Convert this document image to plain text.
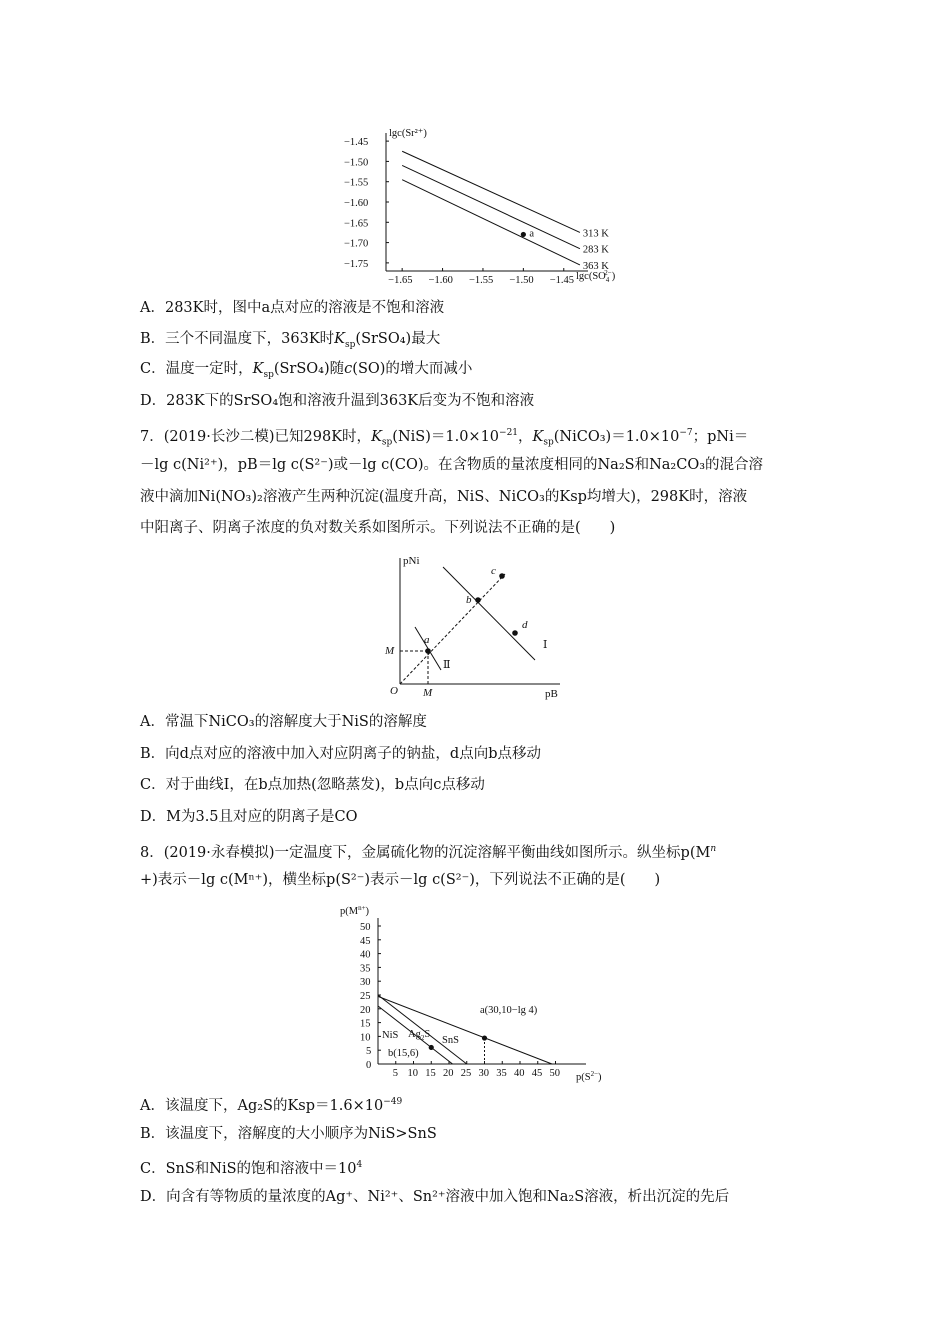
lgc(Sr²⁺)
−1.45
−1.50
−1.55
−1.60
−1.65
−1.70
−1.75
−1.65 −1.60 −1.55 −1.50 −1.45 $\lg c(SO_42-)$
313 K
283 K
363 K
a
A．283K时，图中a点对应的溶液是不饱和溶液
B．三个不同温度下，363K时$K_{sp}(SrSO_4)$最大
C．温度一定时，$K_{sp}(SrSO_4)$随c(SO)的增大而减小
D．283K下的SrSO₄饱和溶液升温到363K后变为不饱和溶液
7．(2019·长沙二模)已知298K时，$K_{sp}(NiS)=1.0\times 10^{-21}$，$K_{sp}(NiCO_3)=1.0\times 10^{-7}$；pNi＝
－lg c(Ni²⁺)，pB＝lg c(S²⁻)或－lg c(CO)。在含物质的量浓度相同的Na₂S和Na₂CO₃的混合溶
液中滴加Ni(NO₃)₂溶液产生两种沉淀(温度升高，NiS、NiCO₃的Ksp均增大)，298K时，溶液
中阳离子、阴离子浓度的负对数关系如图所示。下列说法不正确的是(　　)
pNi
pB
O
M
M
Ⅰ
Ⅱ
a
b
c
d
A．常温下NiCO₃的溶解度大于NiS的溶解度
B．向d点对应的溶液中加入对应阴离子的钠盐，d点向b点移动
C．对于曲线Ⅰ，在b点加热(忽略蒸发)，b点向c点移动
D．M为3.5且对应的阴离子是CO
8．(2019·永春模拟)一定温度下，金属硫化物的沉淀溶解平衡曲线如图所示。纵坐标$p(M^n$
+)表示－lg c(Mⁿ⁺)，横坐标p(S²⁻)表示－lg c(S²⁻)，下列说法不正确的是(　　)
$p(M^{n+})$
$p(S^{2-})$
0
5
10
15
20
25
30
35
40
45
50
5 10 15 20 25 30 35 40 45 50
$Ag_2S$
SnS
NiS
a(30,10−lg 4)
b(15,6)
A．该温度下，Ag₂S的$Ksp=1.6\times 10^{-49}$
B．该温度下，溶解度的大小顺序为NiS>SnS
C．SnS和NiS的饱和溶液中$=10^4$
D．向含有等物质的量浓度的Ag⁺、Ni²⁺、Sn²⁺溶液中加入饱和Na₂S溶液，析出沉淀的先后
